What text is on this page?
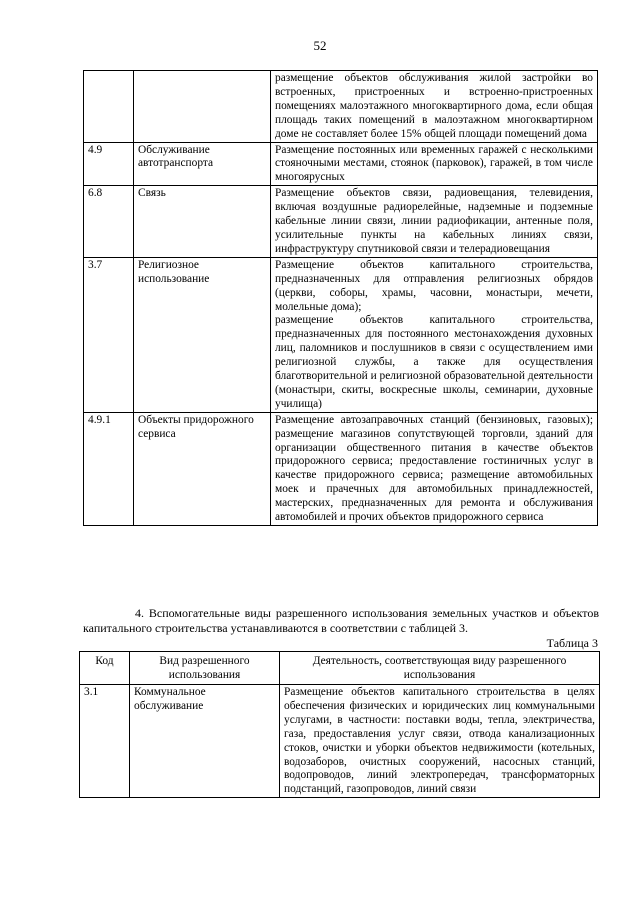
52

		размещение объектов обслуживания жилой застройки во встроенных, пристроенных и встроенно-пристроенных помещениях малоэтажного многоквартирного дома, если общая площадь таких помещений в малоэтажном многоквартирном доме не составляет более 15% общей площади помещений дома

4.9	Обслуживание автотранспорта	Размещение постоянных или временных гаражей с несколькими стояночными местами, стоянок (парковок), гаражей, в том числе многоярусных

6.8	Связь	Размещение объектов связи, радиовещания, телевидения, включая воздушные радиорелейные, надземные и подземные кабельные линии связи, линии радиофикации, антенные поля, усилительные пункты на кабельных линиях связи, инфраструктуру спутниковой связи и телерадиовещания

3.7	Религиозное использование	Размещение объектов капитального строительства, предназначенных для отправления религиозных обрядов (церкви, соборы, храмы, часовни, монастыри, мечети, молельные дома);
размещение объектов капитального строительства, предназначенных для постоянного местонахождения духовных лиц, паломников и послушников в связи с осуществлением ими религиозной службы, а также для осуществления благотворительной и религиозной образовательной деятельности (монастыри, скиты, воскресные школы, семинарии, духовные училища)

4.9.1	Объекты придорожного сервиса	Размещение автозаправочных станций (бензиновых, газовых); размещение магазинов сопутствующей торговли, зданий для организации общественного питания в качестве объектов придорожного сервиса; предоставление гостиничных услуг в качестве придорожного сервиса; размещение автомобильных моек и прачечных для автомобильных принадлежностей, мастерских, предназначенных для ремонта и обслуживания автомобилей и прочих объектов придорожного сервиса
4. Вспомогательные виды разрешенного использования земельных участков и объектов капитального строительства устанавливаются в соответствии с таблицей 3.
Таблица 3
Код	Вид разрешенного использования	Деятельность, соответствующая виду разрешенного использования
3.1	Коммунальное обслуживание	Размещение объектов капитального строительства в целях обеспечения физических и юридических лиц коммунальными услугами, в частности: поставки воды, тепла, электричества, газа, предоставления услуг связи, отвода канализационных стоков, очистки и уборки объектов недвижимости (котельных, водозаборов, очистных сооружений, насосных станций, водопроводов, линий электропередач, трансформаторных подстанций, газопроводов, линий связи
